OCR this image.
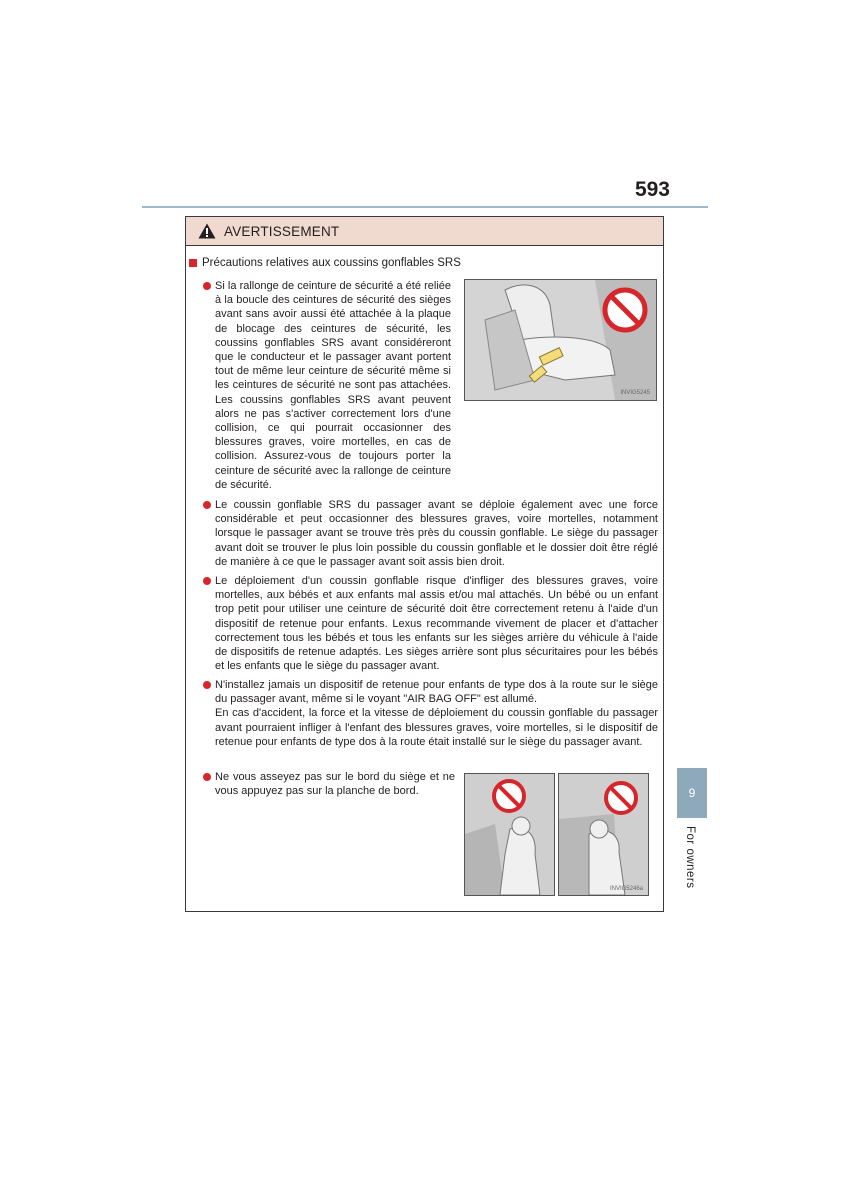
593
AVERTISSEMENT
Précautions relatives aux coussins gonflables SRS
Si la rallonge de ceinture de sécurité a été reliée à la boucle des ceintures de sécurité des sièges avant sans avoir aussi été attachée à la plaque de blocage des ceintures de sécurité, les coussins gonflables SRS avant considéreront que le conducteur et le passager avant portent tout de même leur ceinture de sécurité même si les ceintures de sécurité ne sont pas attachées. Les coussins gonflables SRS avant peuvent alors ne pas s'activer correctement lors d'une collision, ce qui pourrait occasionner des blessures graves, voire mortelles, en cas de collision. Assurez-vous de toujours porter la ceinture de sécurité avec la rallonge de ceinture de sécurité.
INVIG5245
Le coussin gonflable SRS du passager avant se déploie également avec une force considérable et peut occasionner des blessures graves, voire mortelles, notamment lorsque le passager avant se trouve très près du coussin gonflable. Le siège du passager avant doit se trouver le plus loin possible du coussin gonflable et le dossier doit être réglé de manière à ce que le passager avant soit assis bien droit.
Le déploiement d'un coussin gonflable risque d'infliger des blessures graves, voire mortelles, aux bébés et aux enfants mal assis et/ou mal attachés. Un bébé ou un enfant trop petit pour utiliser une ceinture de sécurité doit être correctement retenu à l'aide d'un dispositif de retenue pour enfants. Lexus recommande vivement de placer et d'attacher correctement tous les bébés et tous les enfants sur les sièges arrière du véhicule à l'aide de dispositifs de retenue adaptés. Les sièges arrière sont plus sécuritaires pour les bébés et les enfants que le siège du passager avant.
N'installez jamais un dispositif de retenue pour enfants de type dos à la route sur le siège du passager avant, même si le voyant "AIR BAG OFF" est allumé.
En cas d'accident, la force et la vitesse de déploiement du coussin gonflable du passager avant pourraient infliger à l'enfant des blessures graves, voire mortelles, si le dispositif de retenue pour enfants de type dos à la route était installé sur le siège du passager avant.
Ne vous asseyez pas sur le bord du siège et ne vous appuyez pas sur la planche de bord.
INVIG5246a
9
For owners
